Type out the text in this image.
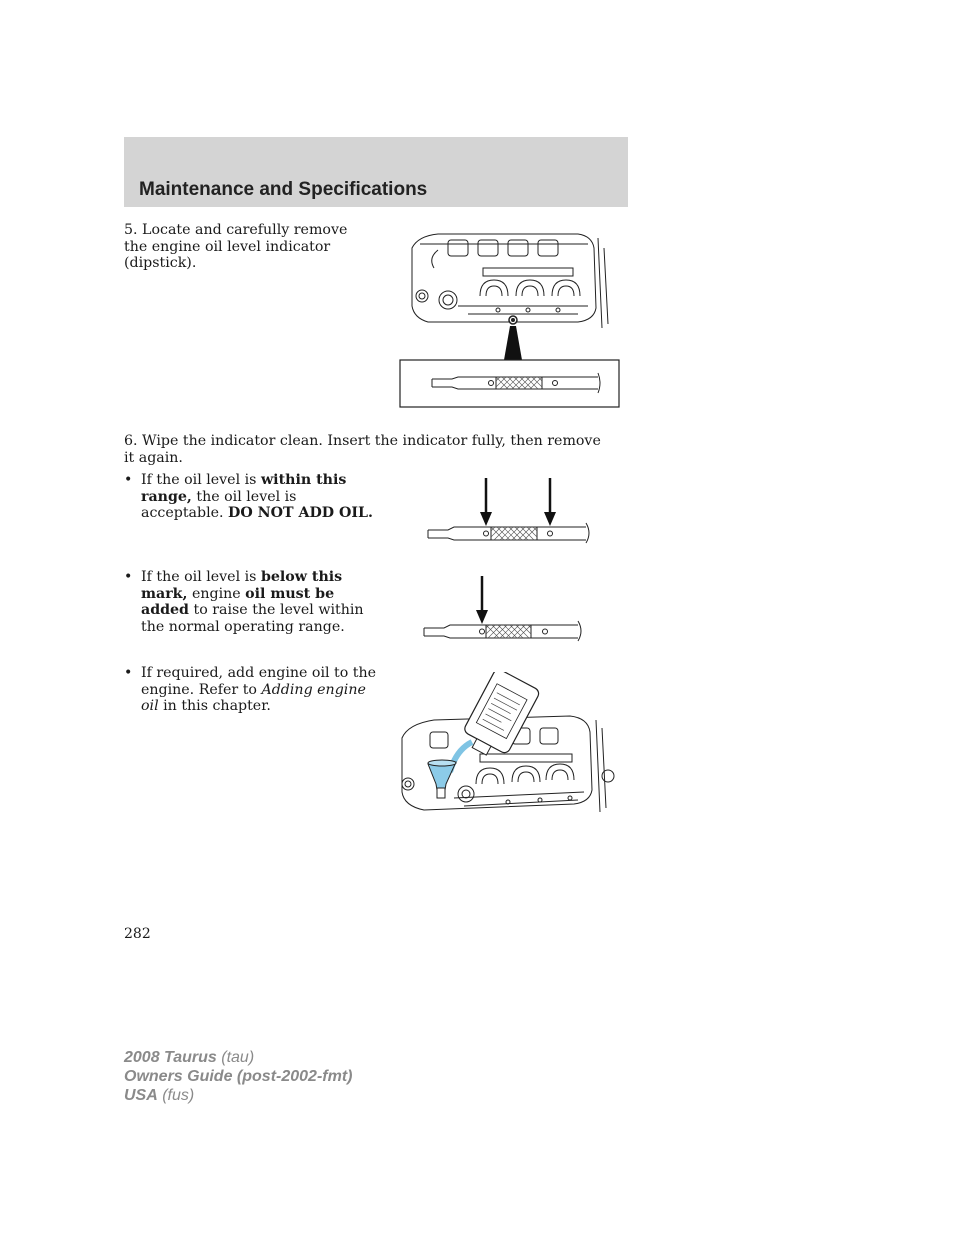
Maintenance and Specifications

5. Locate and carefully remove the engine oil level indicator (dipstick).

6. Wipe the indicator clean. Insert the indicator fully, then remove it again.

• If the oil level is within this range, the oil level is acceptable. DO NOT ADD OIL.
• If the oil level is below this mark, engine oil must be added to raise the level within the normal operating range.
• If required, add engine oil to the engine. Refer to Adding engine oil in this chapter.

282

2008 Taurus (tau)
Owners Guide (post-2002-fmt)
USA (fus)
